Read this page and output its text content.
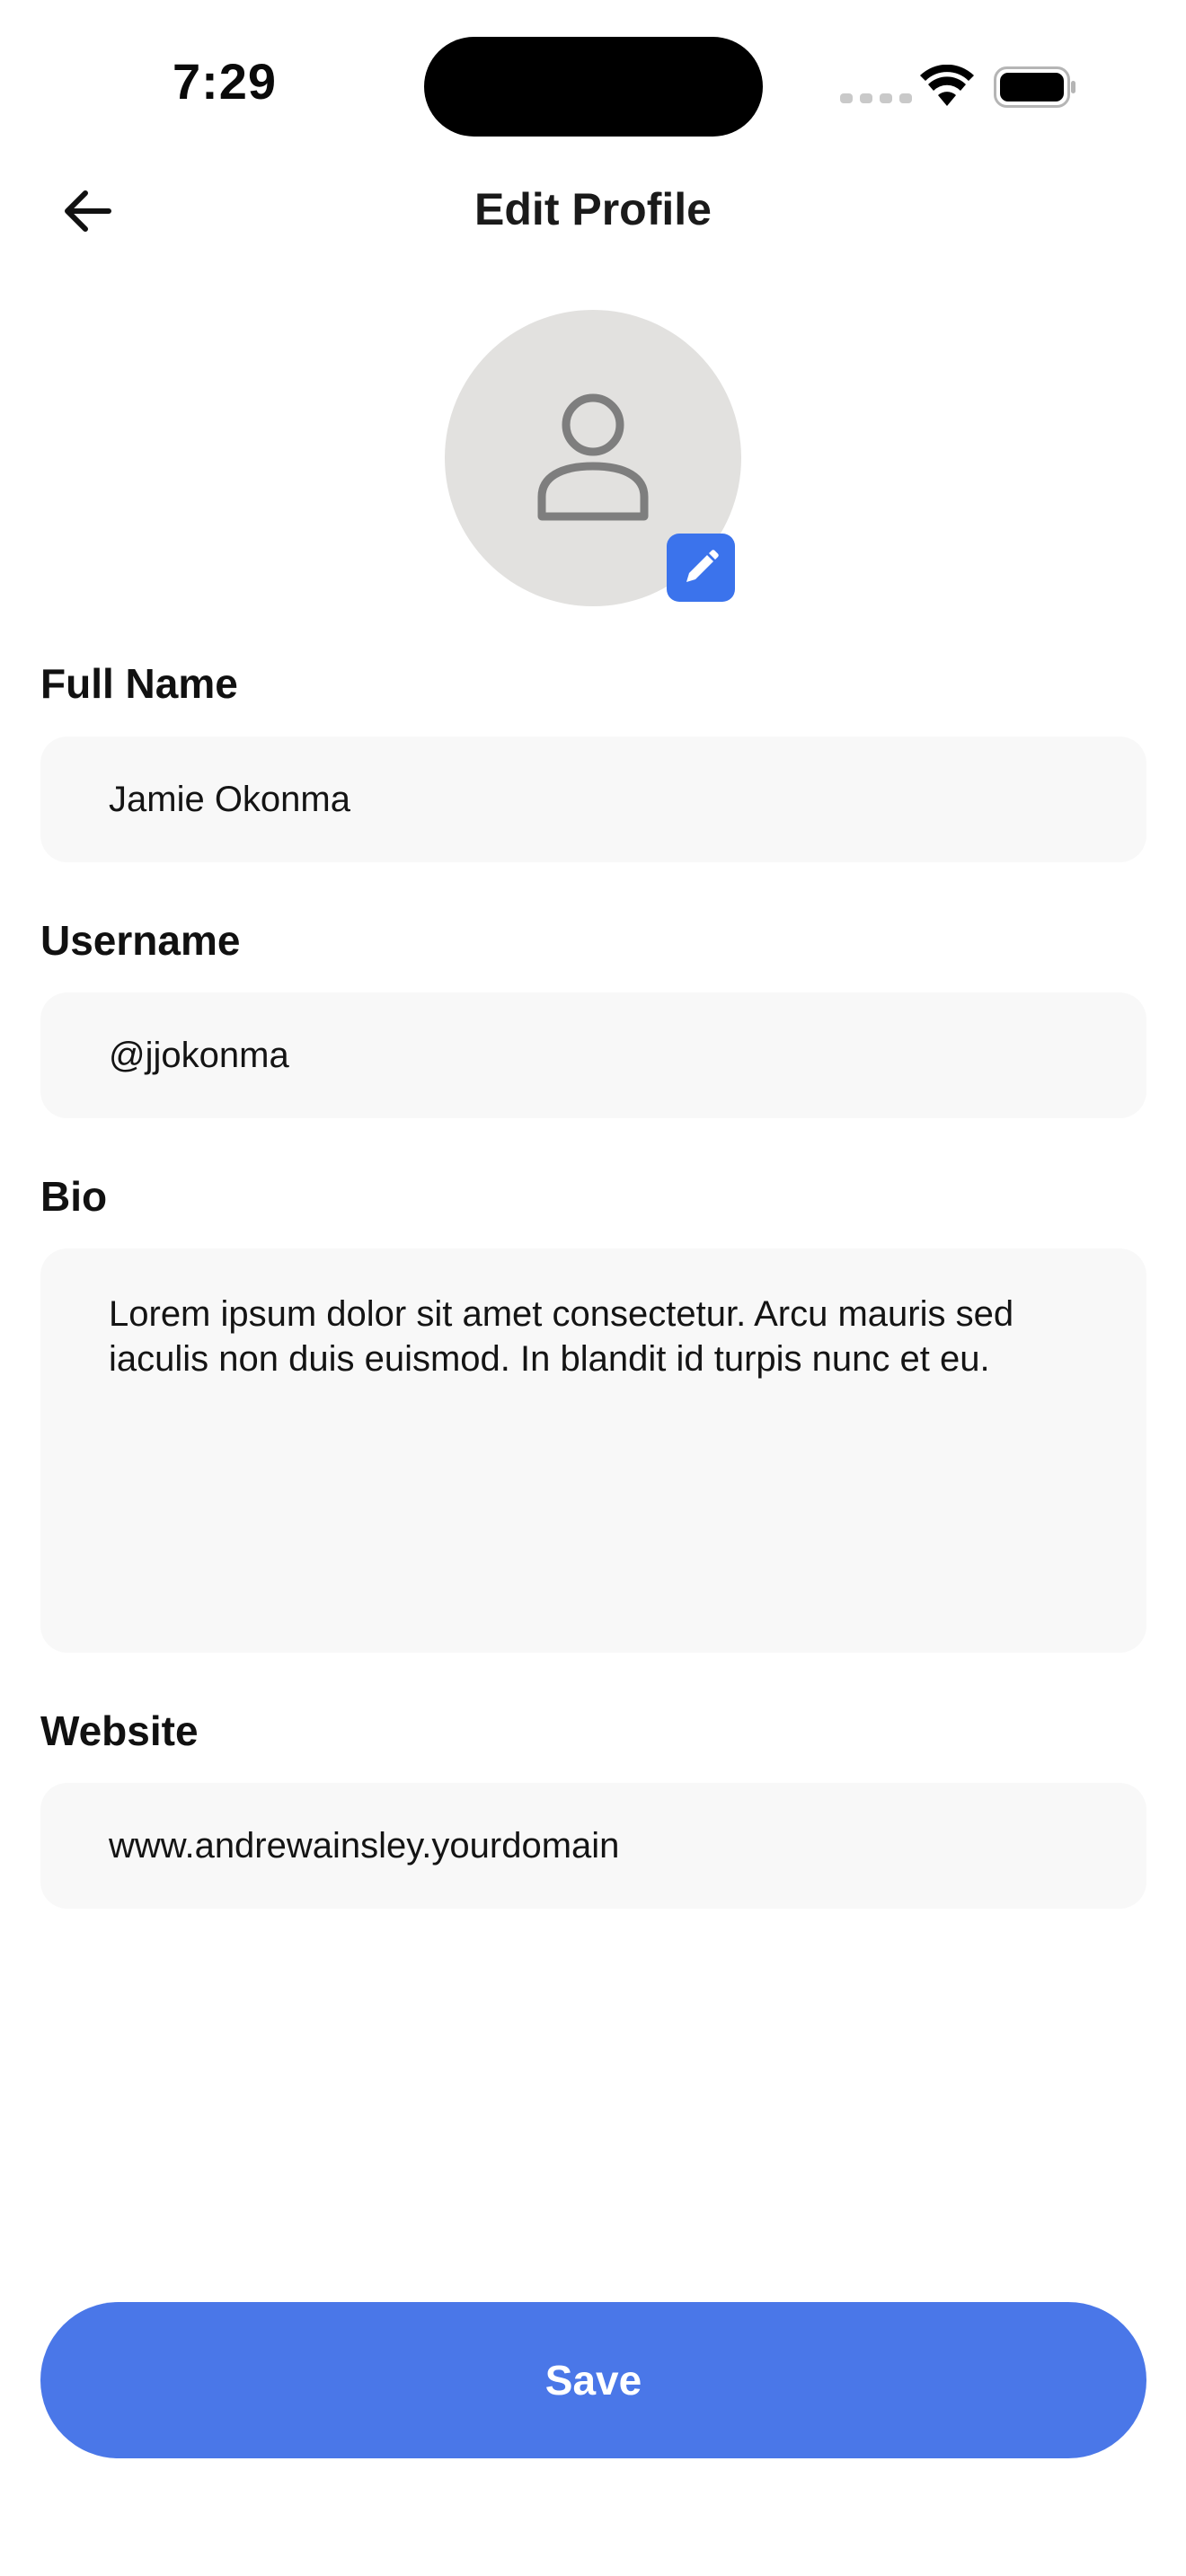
7:29
Edit Profile
Full Name
Jamie Okonma
Username
@jjokonma
Bio
Lorem ipsum dolor sit amet consectetur. Arcu mauris sed iaculis non duis euismod. In blandit id turpis nunc et eu.
Website
www.andrewainsley.yourdomain
Save
